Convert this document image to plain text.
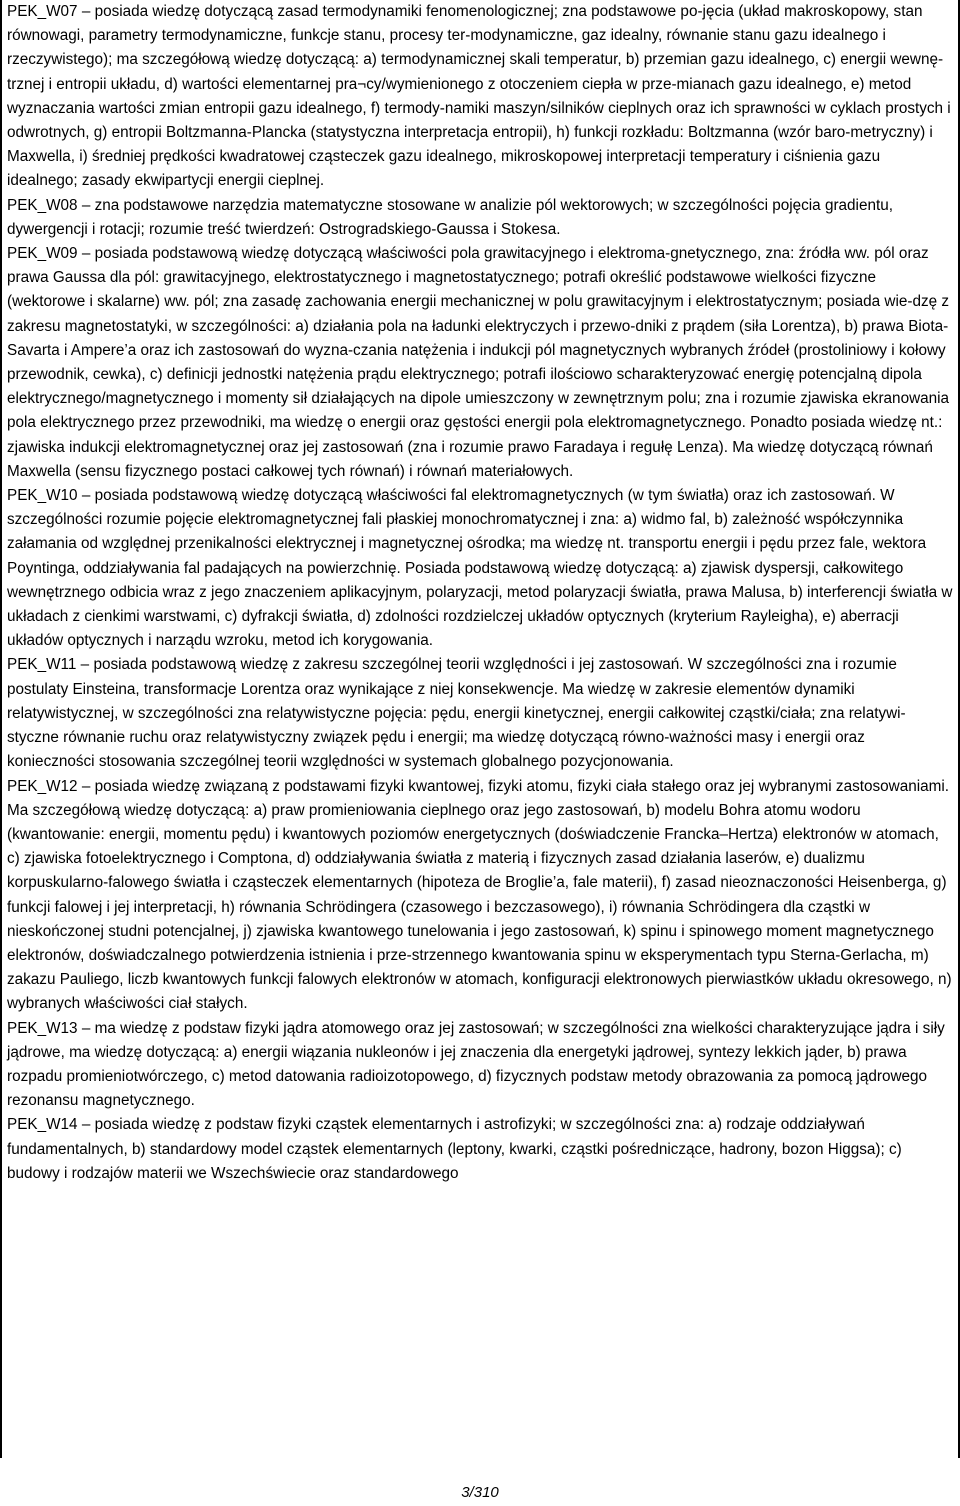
PEK_W07 – posiada wiedzę dotyczącą zasad termodynamiki fenomenologicznej; zna podstawowe po-jęcia (układ makroskopowy, stan równowagi, parametry termodynamiczne, funkcje stanu, procesy ter-modynamiczne, gaz idealny, równanie stanu gazu idealnego i rzeczywistego); ma szczegółową wiedzę dotyczącą: a) termodynamicznej skali temperatur, b) przemian gazu idealnego, c) energii wewnę-trznej i entropii układu, d) wartości elementarnej pra¬cy/wymienionego z otoczeniem ciepła w prze-mianach gazu idealnego, e) metod wyznaczania wartości zmian entropii gazu idealnego, f) termody-namiki maszyn/silników cieplnych oraz ich sprawności w cyklach prostych i odwrotnych, g) entropii Boltzmanna-Plancka (statystyczna interpretacja entropii), h) funkcji rozkładu: Boltzmanna (wzór baro-metryczny) i Maxwella, i) średniej prędkości kwadratowej cząsteczek gazu idealnego, mikroskopowej interpretacji temperatury i ciśnienia gazu idealnego; zasady ekwipartycji energii cieplnej.

PEK_W08 – zna podstawowe narzędzia matematyczne stosowane w analizie pól wektorowych; w szczególności pojęcia gradientu, dywergencji i rotacji; rozumie treść twierdzeń: Ostrogradskiego-Gaussa i Stokesa.

PEK_W09 – posiada podstawową wiedzę dotyczącą właściwości pola grawitacyjnego i elektroma-gnetycznego, zna: źródła ww. pól oraz prawa Gaussa dla pól: grawitacyjnego, elektrostatycznego i magnetostatycznego; potrafi określić podstawowe wielkości fizyczne (wektorowe i skalarne) ww. pól; zna zasadę zachowania energii mechanicznej w polu grawitacyjnym i elektrostatycznym; posiada wie-dzę z zakresu magnetostatyki, w szczególności: a) działania pola na ładunki elektryczych i przewo-dniki z prądem (siła Lorentza), b) prawa Biota-Savarta i Ampere’a oraz ich zastosowań do wyzna-czania natężenia i indukcji pól magnetycznych wybranych źródeł (prostoliniowy i kołowy przewodnik, cewka), c) definicji jednostki natężenia prądu elektrycznego; potrafi ilościowo scharakteryzować energię potencjalną dipola elektrycznego/magnetycznego i momenty sił działających na dipole umieszczony w zewnętrznym polu; zna i rozumie zjawiska ekranowania pola elektrycznego przez przewodniki, ma wiedzę o energii oraz gęstości energii pola elektromagnetycznego. Ponadto posiada wiedzę nt.: zjawiska indukcji elektromagnetycznej oraz jej zastosowań (zna i rozumie prawo Faradaya i regułę Lenza). Ma wiedzę dotyczącą równań Maxwella (sensu fizycznego postaci całkowej tych równań) i równań materiałowych.

PEK_W10 – posiada podstawową wiedzę dotyczącą właściwości fal elektromagnetycznych (w tym światła) oraz ich zastosowań. W szczególności rozumie pojęcie elektromagnetycznej fali płaskiej monochromatycznej i zna: a) widmo fal, b) zależność współczynnika załamania od względnej przenikalności elektrycznej i magnetycznej ośrodka; ma wiedzę nt. transportu energii i pędu przez fale, wektora Poyntinga, oddziaływania fal padających na powierzchnię. Posiada podstawową wiedzę dotyczącą: a) zjawisk dyspersji, całkowitego wewnętrznego odbicia wraz z jego znaczeniem aplikacyjnym, polaryzacji, metod polaryzacji światła, prawa Malusa, b) interferencji światła w układach z cienkimi warstwami, c) dyfrakcji światła, d) zdolności rozdzielczej układów optycznych (kryterium Rayleigha), e) aberracji układów optycznych i narządu wzroku, metod ich korygowania.

PEK_W11 – posiada podstawową wiedzę z zakresu szczególnej teorii względności i jej zastosowań. W szczególności zna i rozumie postulaty Einsteina, transformacje Lorentza oraz wynikające z niej konsekwencje. Ma wiedzę w zakresie elementów dynamiki relatywistycznej, w szczególności zna relatywistyczne pojęcia: pędu, energii kinetycznej, energii całkowitej cząstki/ciała; zna relatywi-styczne równanie ruchu oraz relatywistyczny związek pędu i energii; ma wiedzę dotyczącą równo-ważności masy i energii oraz konieczności stosowania szczególnej teorii względności w systemach globalnego pozycjonowania.

PEK_W12 – posiada wiedzę związaną z podstawami fizyki kwantowej, fizyki atomu, fizyki ciała stałego oraz jej wybranymi zastosowaniami. Ma szczegółową wiedzę dotyczącą: a) praw promieniowania cieplnego oraz jego zastosowań, b) modelu Bohra atomu wodoru (kwantowanie: energii, momentu pędu) i kwantowych poziomów energetycznych (doświadczenie Francka–Hertza) elektronów w atomach, c) zjawiska fotoelektrycznego i Comptona, d) oddziaływania światła z materią i fizycznych zasad działania laserów, e) dualizmu korpuskularno-falowego światła i cząsteczek elementarnych (hipoteza de Broglie’a, fale materii), f) zasad nieoznaczoności Heisenberga, g) funkcji falowej i jej interpretacji, h) równania Schrödingera (czasowego i bezczasowego), i) równania Schrödingera dla cząstki w nieskończonej studni potencjalnej, j) zjawiska kwantowego tunelowania i jego zastosowań, k) spinu i spinowego moment magnetycznego elektronów, doświadczalnego potwierdzenia istnienia i prze-strzennego kwantowania spinu w eksperymentach typu Sterna-Gerlacha, m) zakazu Pauliego, liczb kwantowych funkcji falowych elektronów w atomach, konfiguracji elektronowych pierwiastków układu okresowego, n) wybranych właściwości ciał stałych.

PEK_W13 – ma wiedzę z podstaw fizyki jądra atomowego oraz jej zastosowań; w szczególności zna wielkości charakteryzujące jądra i siły jądrowe, ma wiedzę dotyczącą: a) energii wiązania nukleonów i jej znaczenia dla energetyki jądrowej, syntezy lekkich jąder, b) prawa rozpadu promieniotwórczego, c) metod datowania radioizotopowego, d) fizycznych podstaw metody obrazowania za pomocą jądrowego rezonansu magnetycznego.

PEK_W14 – posiada wiedzę z podstaw fizyki cząstek elementarnych i astrofizyki; w szczególności zna: a) rodzaje oddziaływań fundamentalnych, b) standardowy model cząstek elementarnych (leptony, kwarki, cząstki pośredniczące, hadrony, bozon Higgsa); c) budowy i rodzajów materii we Wszechświecie oraz standardowego

3/310
